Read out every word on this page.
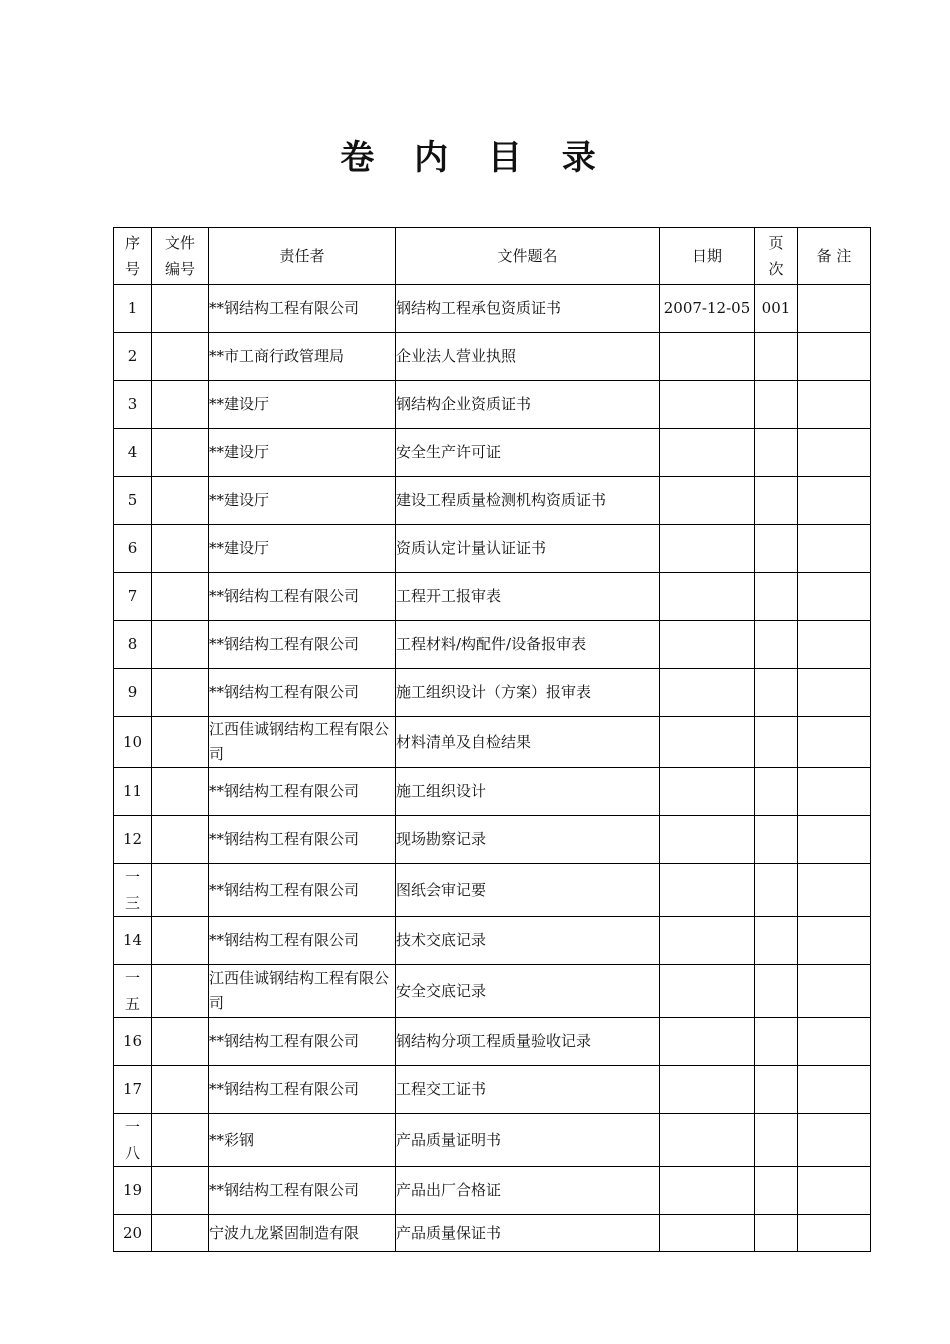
卷 内 目 录
序号	文件编号	责任者	文件题名	日期	页次	备 注
1		**钢结构工程有限公司	钢结构工程承包资质证书	2007-12-05	001	
2		**市工商行政管理局	企业法人营业执照			
3		**建设厅	钢结构企业资质证书			
4		**建设厅	安全生产许可证			
5		**建设厅	建设工程质量检测机构资质证书			
6		**建设厅	资质认定计量认证证书			
7		**钢结构工程有限公司	工程开工报审表			
8		**钢结构工程有限公司	工程材料/构配件/设备报审表			
9		**钢结构工程有限公司	施工组织设计（方案）报审表			
10		江西佳诚钢结构工程有限公司	材料清单及自检结果			
11		**钢结构工程有限公司	施工组织设计			
12		**钢结构工程有限公司	现场勘察记录			
一三		**钢结构工程有限公司	图纸会审记要			
14		**钢结构工程有限公司	技术交底记录			
一五		江西佳诚钢结构工程有限公司	安全交底记录			
16		**钢结构工程有限公司	钢结构分项工程质量验收记录			
17		**钢结构工程有限公司	工程交工证书			
一八		**彩钢	产品质量证明书			
19		**钢结构工程有限公司	产品出厂合格证			
20		宁波九龙紧固制造有限	产品质量保证书			
